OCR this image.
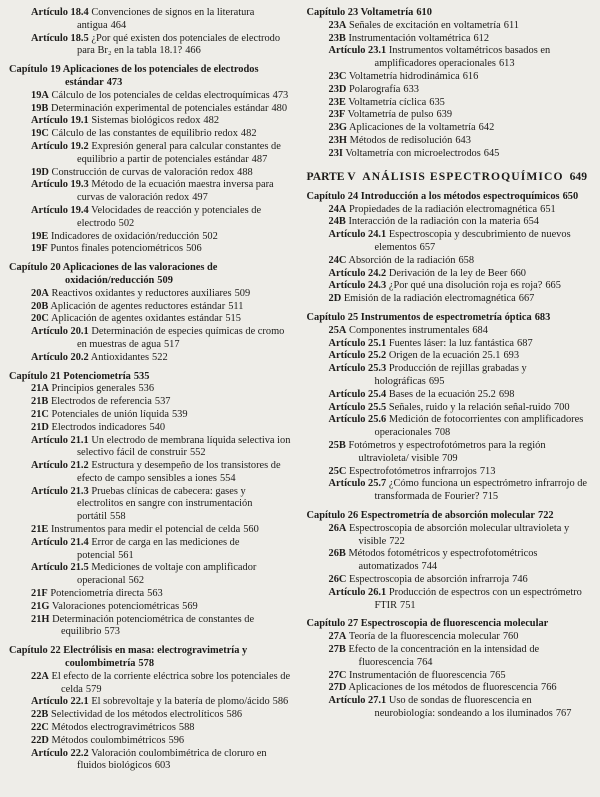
Artículo 18.4 Convenciones de signos en la literatura antigua 464
Artículo 18.5 ¿Por qué existen dos potenciales de electrodo para Br₂ en la tabla 18.1? 466
Capítulo 19 Aplicaciones de los potenciales de electrodos estándar 473
19A Cálculo de los potenciales de celdas electroquímicas 473
19B Determinación experimental de potenciales estándar 480
Artículo 19.1 Sistemas biológicos redox 482
19C Cálculo de las constantes de equilibrio redox 482
Artículo 19.2 Expresión general para calcular constantes de equilibrio a partir de potenciales estándar 487
19D Construcción de curvas de valoración redox 488
Artículo 19.3 Método de la ecuación maestra inversa para curvas de valoración redox 497
Artículo 19.4 Velocidades de reacción y potenciales de electrodo 502
19E Indicadores de oxidación/reducción 502
19F Puntos finales potenciométricos 506
Capítulo 20 Aplicaciones de las valoraciones de oxidación/reducción 509
20A Reactivos oxidantes y reductores auxiliares 509
20B Aplicación de agentes reductores estándar 511
20C Aplicación de agentes oxidantes estándar 515
Artículo 20.1 Determinación de especies químicas de cromo en muestras de agua 517
Artículo 20.2 Antioxidantes 522
Capítulo 21 Potenciometría 535
21A Principios generales 536
21B Electrodos de referencia 537
21C Potenciales de unión líquida 539
21D Electrodos indicadores 540
Artículo 21.1 Un electrodo de membrana líquida selectiva ion selectivo fácil de construir 552
Artículo 21.2 Estructura y desempeño de los transistores de efecto de campo sensibles a iones 554
Artículo 21.3 Pruebas clínicas de cabecera: gases y electrolitos en sangre con instrumentación portátil 558
21E Instrumentos para medir el potencial de celda 560
Artículo 21.4 Error de carga en las mediciones de potencial 561
Artículo 21.5 Mediciones de voltaje con amplificador operacional 562
21F Potenciometría directa 563
21G Valoraciones potenciométricas 569
21H Determinación potenciométrica de constantes de equilibrio 573
Capítulo 22 Electrólisis en masa: electrogravimetría y coulombimetría 578
22A El efecto de la corriente eléctrica sobre los potenciales de celda 579
Artículo 22.1 El sobrevoltaje y la batería de plomo/ácido 586
22B Selectividad de los métodos electrolíticos 586
22C Métodos electrogravimétricos 588
22D Métodos coulombimétricos 596
Artículo 22.2 Valoración coulombimétrica de cloruro en fluidos biológicos 603
Capítulo 23 Voltametría 610
23A Señales de excitación en voltametría 611
23B Instrumentación voltamétrica 612
Artículo 23.1 Instrumentos voltamétricos basados en amplificadores operacionales 613
23C Voltametría hidrodinámica 616
23D Polarografía 633
23E Voltametría cíclica 635
23F Voltametría de pulso 639
23G Aplicaciones de la voltametría 642
23H Métodos de redisolución 643
23I Voltametría con microelectrodos 645
PARTE V ANÁLISIS ESPECTROQUÍMICO 649
Capítulo 24 Introducción a los métodos espectroquímicos 650
24A Propiedades de la radiación electromagnética 651
24B Interacción de la radiación con la materia 654
Artículo 24.1 Espectroscopia y descubrimiento de nuevos elementos 657
24C Absorción de la radiación 658
Artículo 24.2 Derivación de la ley de Beer 660
Artículo 24.3 ¿Por qué una disolución roja es roja? 665
2D Emisión de la radiación electromagnética 667
Capítulo 25 Instrumentos de espectrometría óptica 683
25A Componentes instrumentales 684
Artículo 25.1 Fuentes láser: la luz fantástica 687
Artículo 25.2 Origen de la ecuación 25.1 693
Artículo 25.3 Producción de rejillas grabadas y holográficas 695
Artículo 25.4 Bases de la ecuación 25.2 698
Artículo 25.5 Señales, ruido y la relación señal-ruido 700
Artículo 25.6 Medición de fotocorrientes con amplificadores operacionales 708
25B Fotómetros y espectrofotómetros para la región ultravioleta/ visible 709
25C Espectrofotómetros infrarrojos 713
Artículo 25.7 ¿Cómo funciona un espectrómetro infrarrojo de transformada de Fourier? 715
Capítulo 26 Espectrometría de absorción molecular 722
26A Espectroscopia de absorción molecular ultravioleta y visible 722
26B Métodos fotométricos y espectrofotométricos automatizados 744
26C Espectroscopia de absorción infrarroja 746
Artículo 26.1 Producción de espectros con un espectrómetro FTIR 751
Capítulo 27 Espectroscopia de fluorescencia molecular
27A Teoría de la fluorescencia molecular 760
27B Efecto de la concentración en la intensidad de fluorescencia 764
27C Instrumentación de fluorescencia 765
27D Aplicaciones de los métodos de fluorescencia 766
Artículo 27.1 Uso de sondas de fluorescencia en neurobiología: sondeando a los iluminados 767
